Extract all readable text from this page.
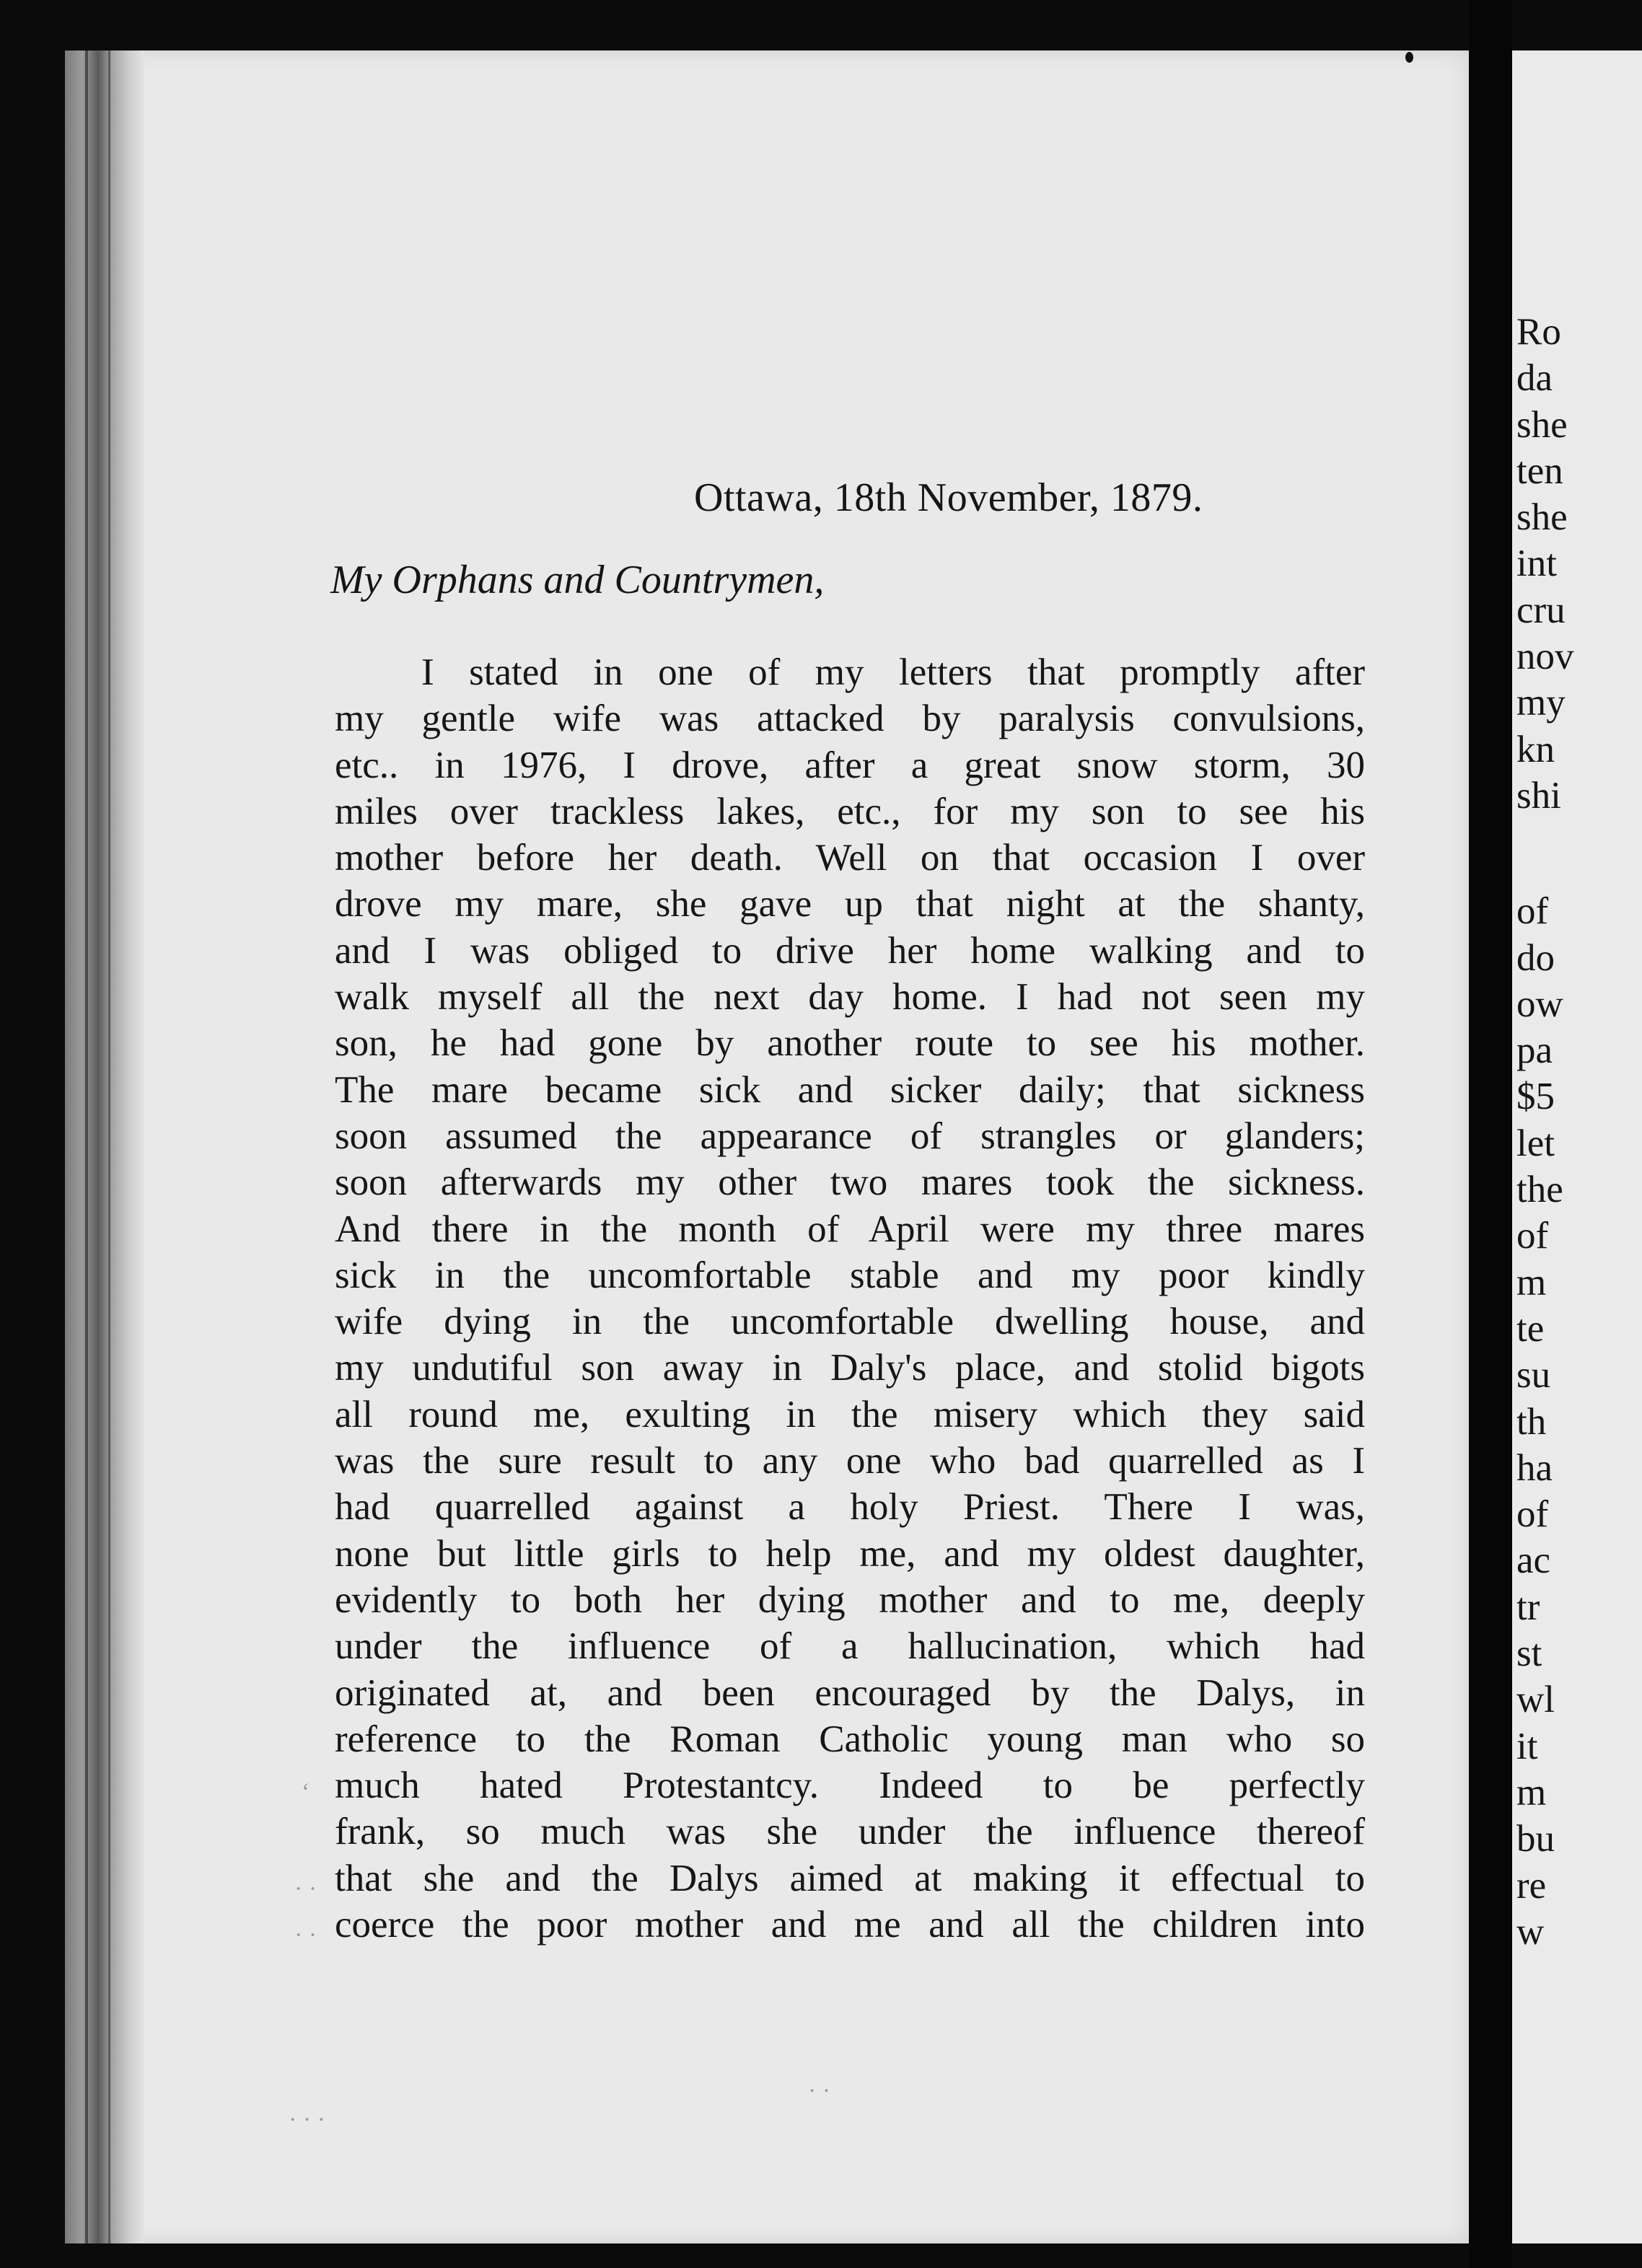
‘
· ·
· ·
· · ·
· ·
Ottawa, 18th November, 1879.
My Orphans and Countrymen,
I stated in one of my letters that promptly after
my gentle wife was attacked by paralysis convulsions,
etc.. in 1976, I drove, after a great snow storm, 30
miles over trackless lakes, etc., for my son to see his
mother before her death. Well on that occasion I over
drove my mare, she gave up that night at the shanty,
and I was obliged to drive her home walking and to
walk myself all the next day home. I had not seen my
son, he had gone by another route to see his mother.
The mare became sick and sicker daily; that sickness
soon assumed the appearance of strangles or glanders;
soon afterwards my other two mares took the sickness.
And there in the month of April were my three mares
sick in the uncomfortable stable and my poor kindly
wife dying in the uncomfortable dwelling house, and
my undutiful son away in Daly's place, and stolid bigots
all round me, exulting in the misery which they said
was the sure result to any one who bad quarrelled as I
had quarrelled against a holy Priest. There I was,
none but little girls to help me, and my oldest daughter,
evidently to both her dying mother and to me, deeply
under the influence of a hallucination, which had
originated at, and been encouraged by the Dalys, in
reference to the Roman Catholic young man who so
much hated Protestantcy. Indeed to be perfectly
frank, so much was she under the influence thereof
that she and the Dalys aimed at making it effectual to
coerce the poor mother and me and all the children into
Ro
da
she
ten
she
int
cru
nov
my
kn
shi
of
do
ow
pa
$5
let
the
of
m
te
su
th
ha
of
ac
tr
st
wl
it
m
bu
re
w
